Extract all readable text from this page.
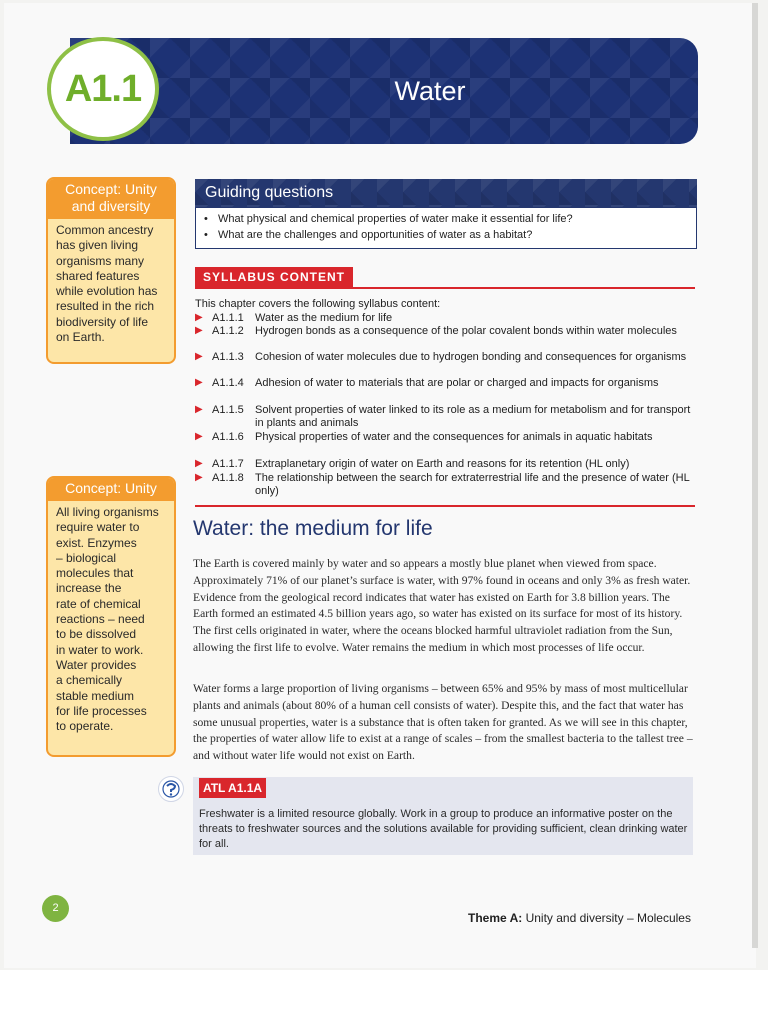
Water
A1.1
Concept: Unity and diversity
Common ancestry
has given living
organisms many
shared features
while evolution has
resulted in the rich
biodiversity of life
on Earth.
Concept: Unity
All living organisms
require water to
exist. Enzymes
– biological
molecules that
increase the
rate of chemical
reactions – need
to be dissolved
in water to work.
Water provides
a chemically
stable medium
for life processes
to operate.
Guiding questions
• What physical and chemical properties of water make it essential for life?
• What are the challenges and opportunities of water as a habitat?
SYLLABUS CONTENT
This chapter covers the following syllabus content:
▶ A1.1.1 Water as the medium for life
▶ A1.1.2 Hydrogen bonds as a consequence of the polar covalent bonds within water molecules
▶ A1.1.3 Cohesion of water molecules due to hydrogen bonding and consequences for organisms
▶ A1.1.4 Adhesion of water to materials that are polar or charged and impacts for organisms
▶ A1.1.5 Solvent properties of water linked to its role as a medium for metabolism and for transport in plants and animals
▶ A1.1.6 Physical properties of water and the consequences for animals in aquatic habitats
▶ A1.1.7 Extraplanetary origin of water on Earth and reasons for its retention (HL only)
▶ A1.1.8 The relationship between the search for extraterrestrial life and the presence of water (HL only)
Water: the medium for life
The Earth is covered mainly by water and so appears a mostly blue planet when viewed from space. Approximately 71% of our planet’s surface is water, with 97% found in oceans and only 3% as fresh water. Evidence from the geological record indicates that water has existed on Earth for 3.8 billion years. The Earth formed an estimated 4.5 billion years ago, so water has existed on its surface for most of its history. The first cells originated in water, where the oceans blocked harmful ultraviolet radiation from the Sun, allowing the first life to evolve. Water remains the medium in which most processes of life occur.
Water forms a large proportion of living organisms – between 65% and 95% by mass of most multicellular plants and animals (about 80% of a human cell consists of water). Despite this, and the fact that water has some unusual properties, water is a substance that is often taken for granted. As we will see in this chapter, the properties of water allow life to exist at a range of scales – from the smallest bacteria to the tallest tree – and without water life would not exist on Earth.
ATL A1.1A
Freshwater is a limited resource globally. Work in a group to produce an informative poster on the threats to freshwater sources and the solutions available for providing sufficient, clean drinking water for all.
2
Theme A: Unity and diversity – Molecules
